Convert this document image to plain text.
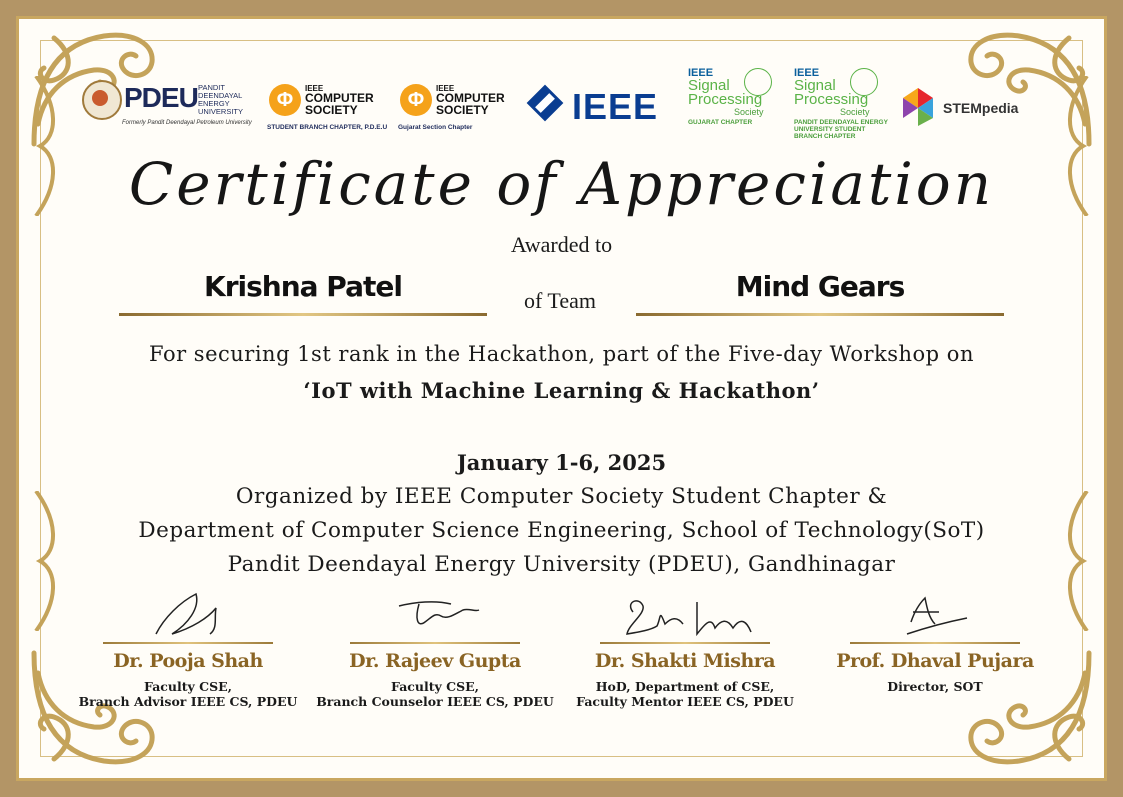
PDEU PANDIT DEENDAYAL ENERGY UNIVERSITY
Formerly Pandit Deendayal Petroleum University
Φ
IEEE
COMPUTER SOCIETY
STUDENT BRANCH CHAPTER, P.D.E.U
Φ
IEEE
COMPUTER SOCIETY
Gujarat Section Chapter
IEEE
IEEE
Signal
Processing
Society
GUJARAT CHAPTER
IEEE
Signal
Processing
Society
PANDIT DEENDAYAL ENERGY UNIVERSITY STUDENT BRANCH CHAPTER
STEMpedia
Certificate of Appreciation
Awarded to
Krishna Patel	of Team	Mind Gears
For securing 1st rank in the Hackathon, part of the Five-day Workshop on
‘IoT with Machine Learning & Hackathon’
January 1-6, 2025
Organized by IEEE Computer Society Student Chapter &
Department of Computer Science Engineering, School of Technology(SoT)
Pandit Deendayal Energy University (PDEU), Gandhinagar
Dr. Pooja Shah
Faculty CSE,
Branch Advisor IEEE CS, PDEU
Dr. Rajeev Gupta
Faculty CSE,
Branch Counselor IEEE CS, PDEU
Dr. Shakti Mishra
HoD, Department of CSE,
Faculty Mentor IEEE CS, PDEU
Prof. Dhaval Pujara
Director, SOT
